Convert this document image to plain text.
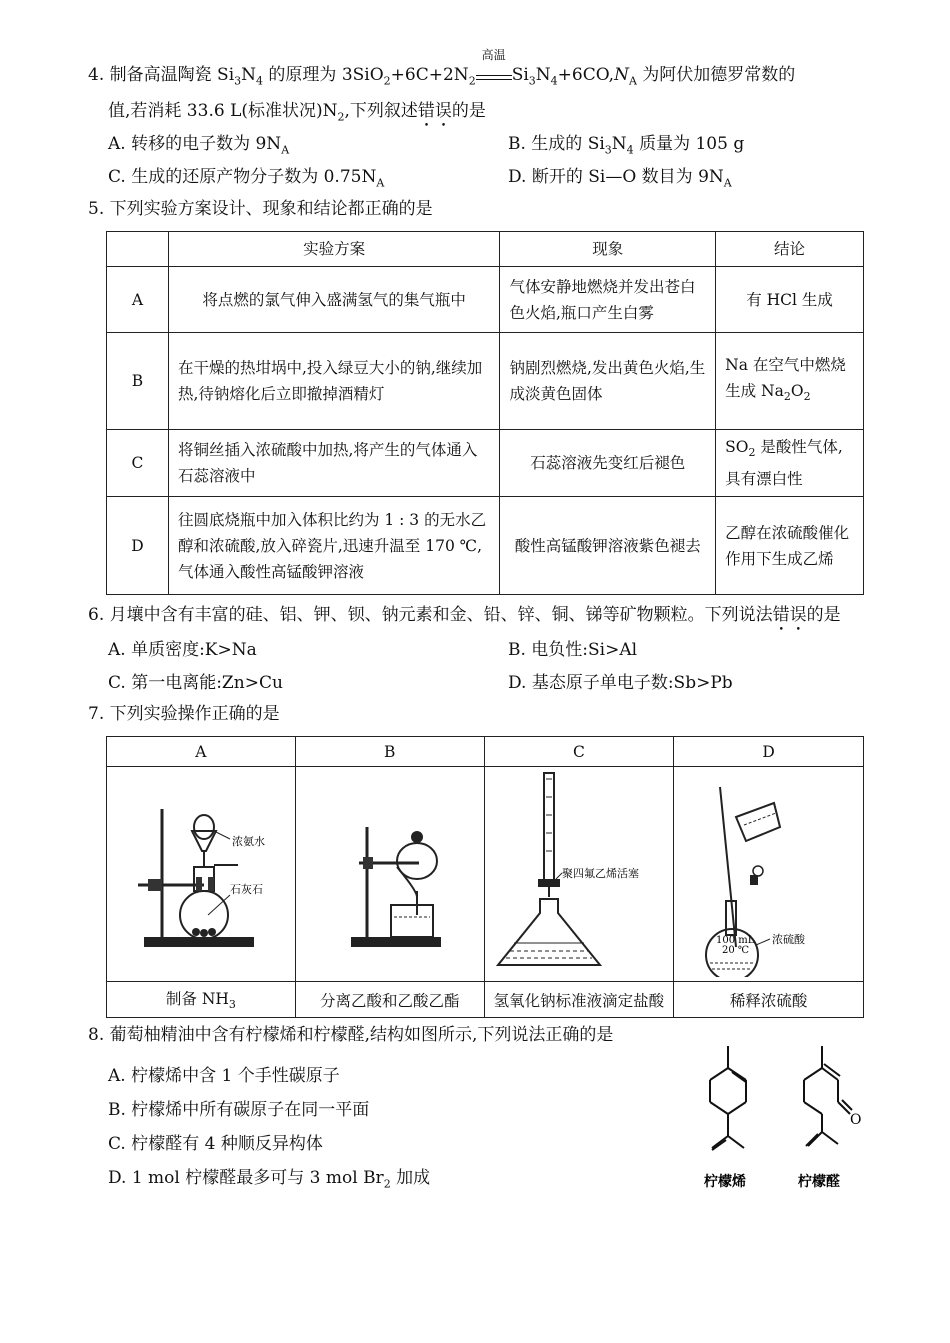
4. 制备高温陶瓷 $Si_3N_4$ 的原理为 $3SiO_2+6C+2N_2$
高温
$Si_3N_4+6CO,N_A$ 为阿伏加德罗常数的
值,若消耗 33.6 L(标准状况)$N_2$,下列叙述错误的是
A. 转移的电子数为 $9N_A$	B. 生成的 $Si_3N_4$ 质量为 105 g
C. 生成的还原产物分子数为 $0.75N_A$	D. 断开的 Si—O 数目为 $9N_A$
5. 下列实验方案设计、现象和结论都正确的是
	实验方案	现象	结论
A	将点燃的氯气伸入盛满氢气的集气瓶中	气体安静地燃烧并发出苍白色火焰,瓶口产生白雾	有 HCl 生成
B	在干燥的热坩埚中,投入绿豆大小的钠,继续加热,待钠熔化后立即撤掉酒精灯	钠剧烈燃烧,发出黄色火焰,生成淡黄色固体	Na 在空气中燃烧生成 $Na_2O_2$
C	将铜丝插入浓硫酸中加热,将产生的气体通入石蕊溶液中	石蕊溶液先变红后褪色	$SO_2$ 是酸性气体,具有漂白性
D	往圆底烧瓶中加入体积比约为 1 : 3 的无水乙醇和浓硫酸,放入碎瓷片,迅速升温至 170 ℃,气体通入酸性高锰酸钾溶液	酸性高锰酸钾溶液紫色褪去	乙醇在浓硫酸催化作用下生成乙烯
6. 月壤中含有丰富的硅、铝、钾、钡、钠元素和金、铅、锌、铜、锑等矿物颗粒。下列说法错误的是
A. 单质密度:K>Na	B. 电负性:Si>Al
C. 第一电离能:Zn>Cu	D. 基态原子单电子数:Sb>Pb
7. 下列实验操作正确的是
A	B	C	D

浓氨水
石灰石		聚四氟乙烯活塞	100 mL
20 ℃
浓硫酸

制备 $NH_3$	分离乙酸和乙酸乙酯	氢氧化钠标准液滴定盐酸	稀释浓硫酸
8. 葡萄柚精油中含有柠檬烯和柠檬醛,结构如图所示,下列说法正确的是
A. 柠檬烯中含 1 个手性碳原子
B. 柠檬烯中所有碳原子在同一平面
C. 柠檬醛有 4 种顺反异构体
D. 1 mol 柠檬醛最多可与 3 mol $Br_2$ 加成	柠檬烯
O
柠檬醛
